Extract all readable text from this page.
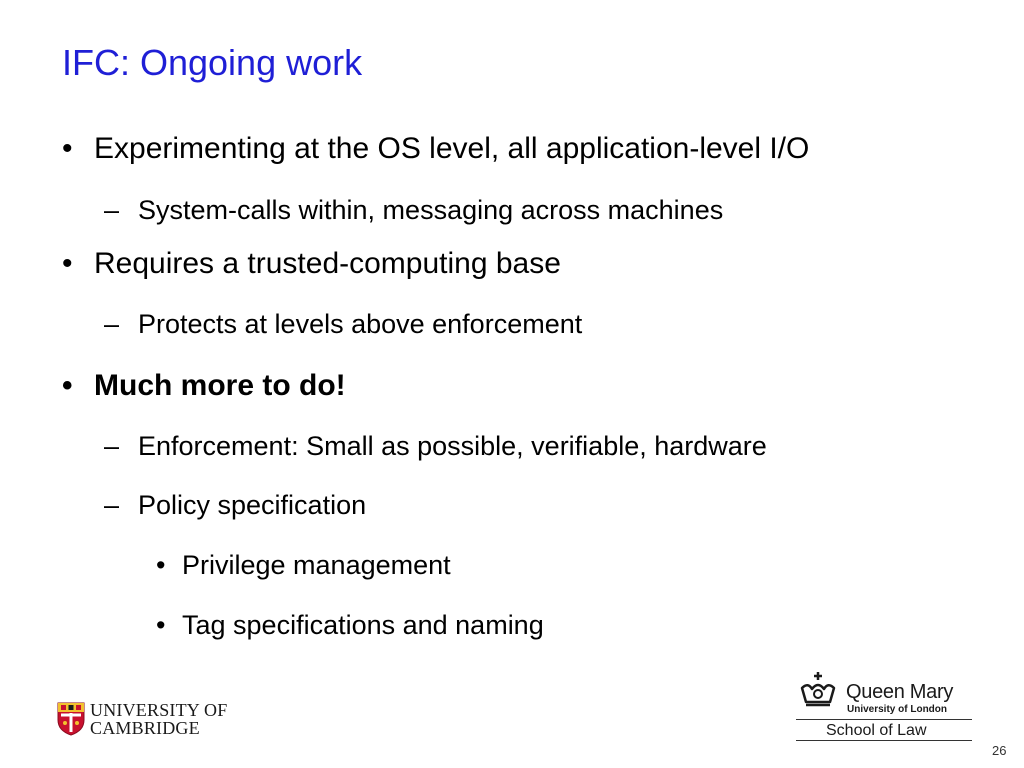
IFC: Ongoing work
• Experimenting at the OS level, all application-level I/O
– System-calls within, messaging across machines
• Requires a trusted-computing base
– Protects at levels above enforcement
• Much more to do!
– Enforcement: Small as possible, verifiable, hardware
– Policy specification
• Privilege management
• Tag specifications and naming
UNIVERSITY OF
CAMBRIDGE
Queen Mary
University of London
School of Law
26
